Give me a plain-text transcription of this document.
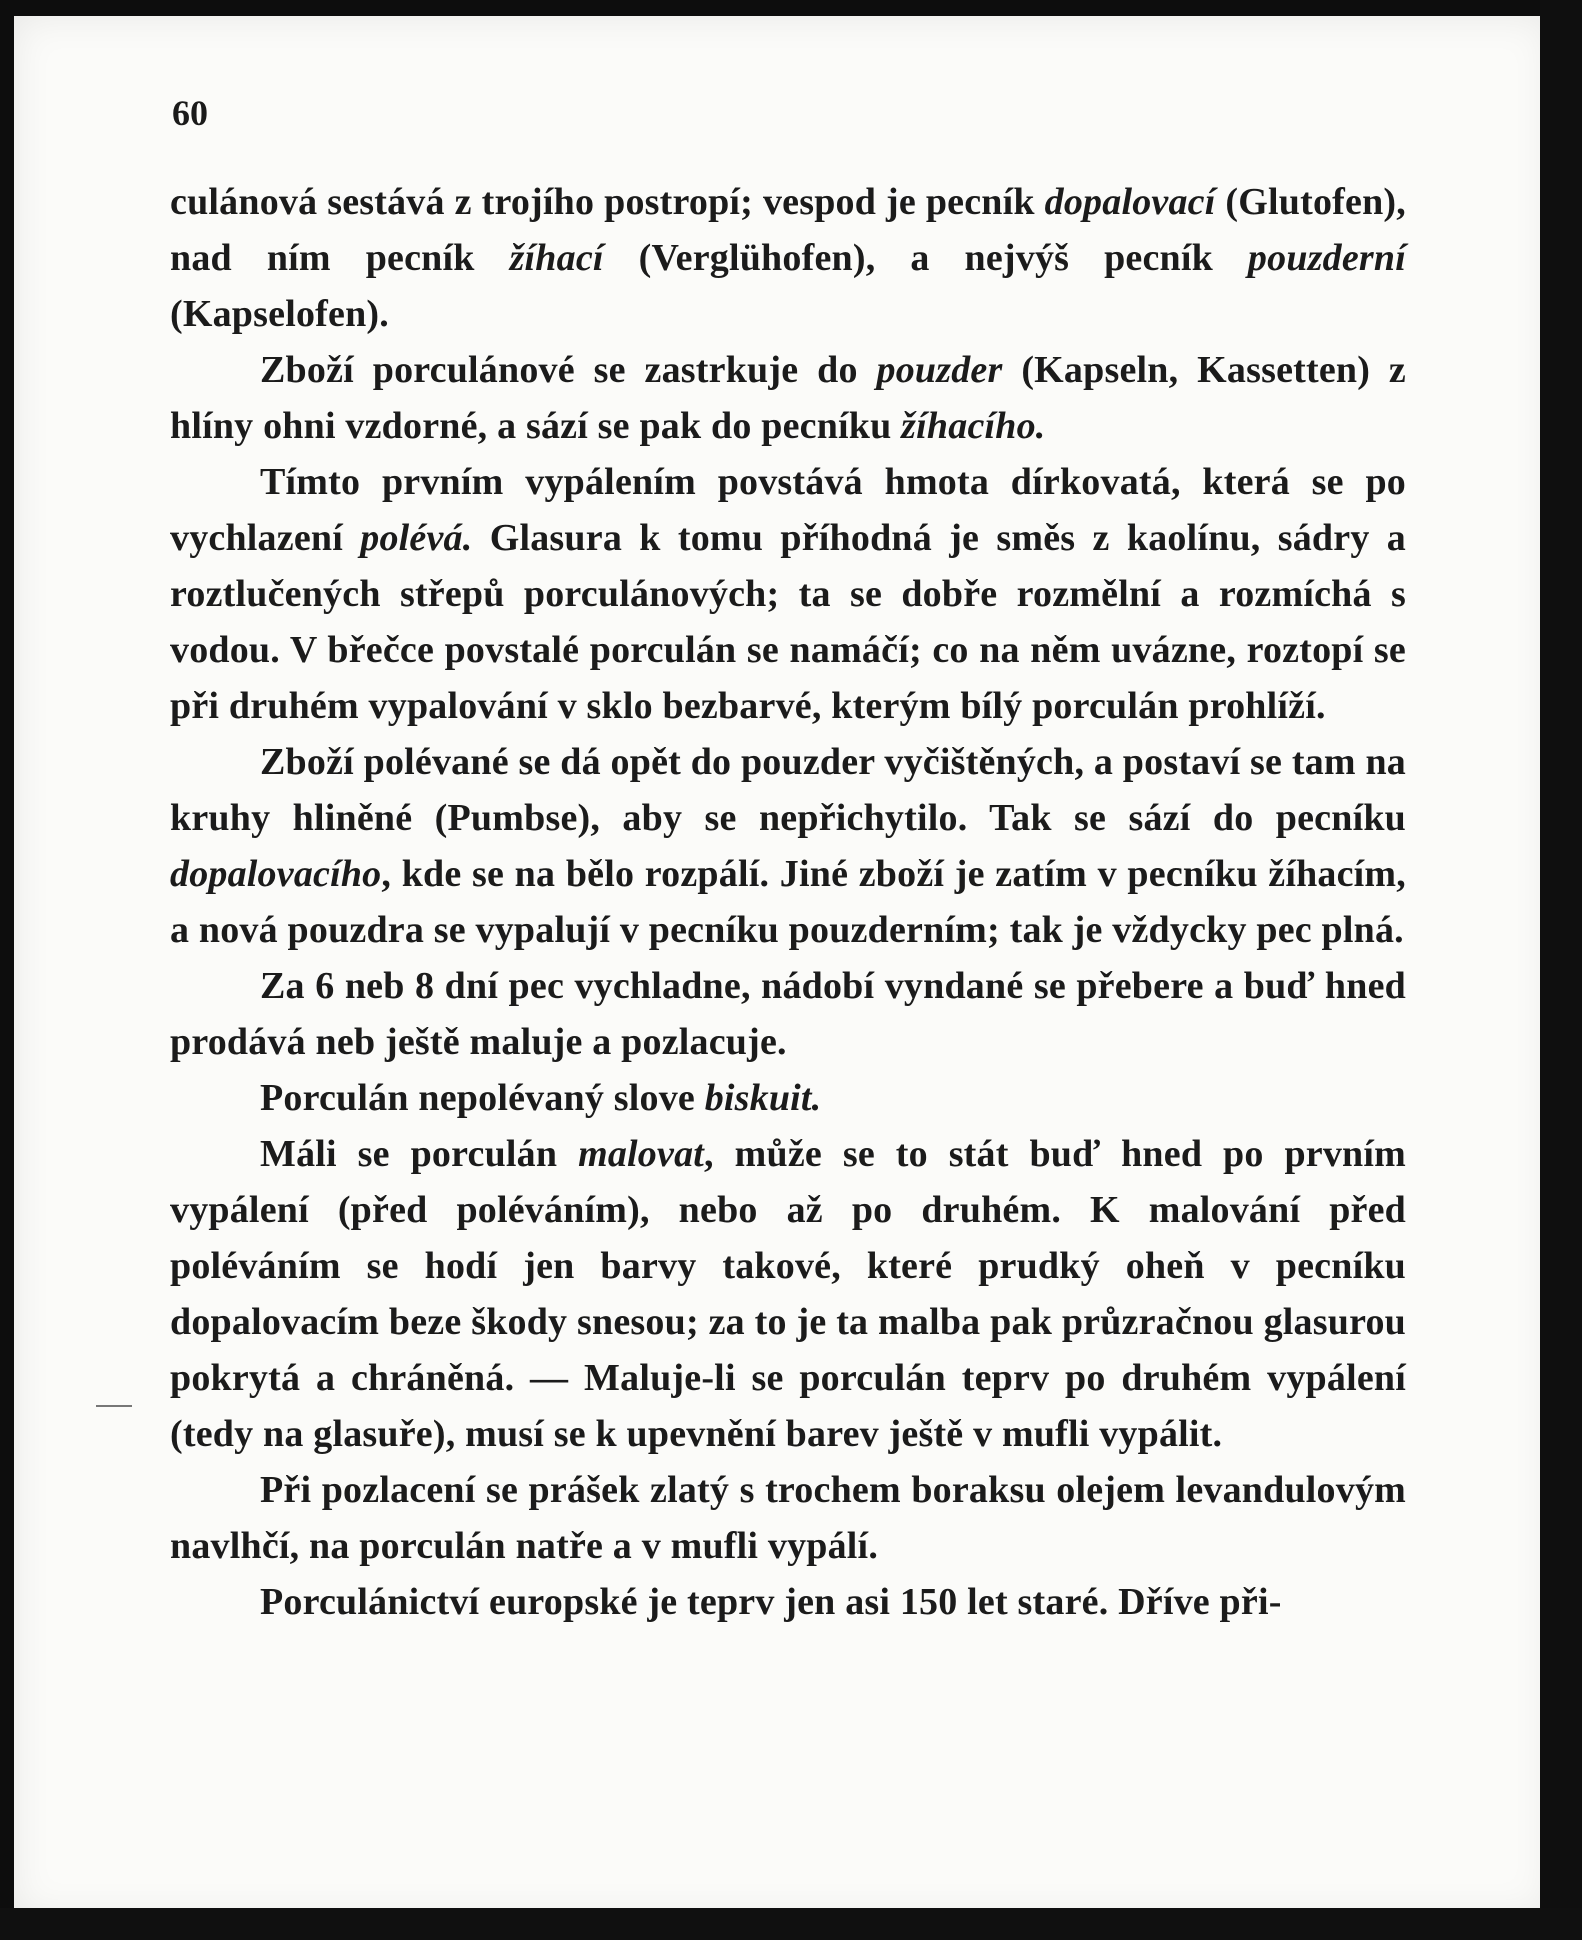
60

culánová sestává z trojího postropí; vespod je pecník dopalovací (Glutofen), nad ním pecník žíhací (Verglühofen), a nejvýš pecník pouzderní (Kapselofen).

Zboží porculánové se zastrkuje do pouzder (Kapseln, Kassetten) z hlíny ohni vzdorné, a sází se pak do pecníku žíhacího.

Tímto prvním vypálením povstává hmota dírkovatá, která se po vychlazení polévá. Glasura k tomu příhodná je směs z kaolínu, sádry a roztlučených střepů porculánových; ta se dobře rozmělní a rozmíchá s vodou. V břečce povstalé porculán se namáčí; co na něm uvázne, roztopí se při druhém vypalování v sklo bezbarvé, kterým bílý porculán prohlíží.

Zboží polévané se dá opět do pouzder vyčištěných, a postaví se tam na kruhy hliněné (Pumbse), aby se nepřichytilo. Tak se sází do pecníku dopalovacího, kde se na bělo rozpálí. Jiné zboží je zatím v pecníku žíhacím, a nová pouzdra se vypalují v pecníku pouzderním; tak je vždycky pec plná.

Za 6 neb 8 dní pec vychladne, nádobí vyndané se přebere a buď hned prodává neb ještě maluje a pozlacuje.

Porculán nepolévaný slove biskuit.

Máli se porculán malovat, může se to stát buď hned po prvním vypálení (před poléváním), nebo až po druhém. K malování před poléváním se hodí jen barvy takové, které prudký oheň v pecníku dopalovacím beze škody snesou; za to je ta malba pak průzračnou glasurou pokrytá a chráněná. — Maluje-li se porculán teprv po druhém vypálení (tedy na glasuře), musí se k upevnění barev ještě v mufli vypálit.

Při pozlacení se prášek zlatý s trochem boraksu olejem levandulovým navlhčí, na porculán natře a v mufli vypálí.

Porculánictví europské je teprv jen asi 150 let staré. Dříve při-
